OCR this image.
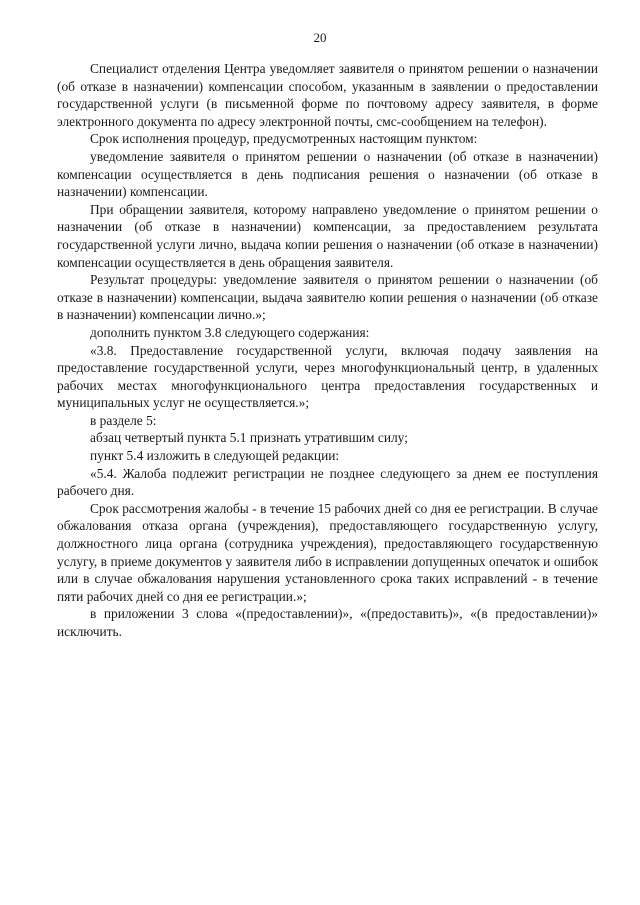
20

Специалист отделения Центра уведомляет заявителя о принятом решении о назначении (об отказе в назначении) компенсации способом, указанным в заявлении о предоставлении государственной услуги (в письменной форме по почтовому адресу заявителя, в форме электронного документа по адресу электронной почты, смс-сообщением на телефон).

Срок исполнения процедур, предусмотренных настоящим пунктом:

уведомление заявителя о принятом решении о назначении (об отказе в назначении) компенсации осуществляется в день подписания решения о назначении (об отказе в назначении) компенсации.

При обращении заявителя, которому направлено уведомление о принятом решении о назначении (об отказе в назначении) компенсации, за предоставлением результата государственной услуги лично, выдача копии решения о назначении (об отказе в назначении) компенсации осуществляется в день обращения заявителя.

Результат процедуры: уведомление заявителя о принятом решении о назначении (об отказе в назначении) компенсации, выдача заявителю копии решения о назначении (об отказе в назначении) компенсации лично.»;

дополнить пунктом 3.8 следующего содержания:

«3.8. Предоставление государственной услуги, включая подачу заявления на предоставление государственной услуги, через многофункциональный центр, в удаленных рабочих местах многофункционального центра предоставления государственных и муниципальных услуг не осуществляется.»;

в разделе 5:

абзац четвертый пункта 5.1 признать утратившим силу;

пункт 5.4 изложить в следующей редакции:

«5.4. Жалоба подлежит регистрации не позднее следующего за днем ее поступления рабочего дня.

Срок рассмотрения жалобы - в течение 15 рабочих дней со дня ее регистрации. В случае обжалования отказа органа (учреждения), предоставляющего государственную услугу, должностного лица органа (сотрудника учреждения), предоставляющего государственную услугу, в приеме документов у заявителя либо в исправлении допущенных опечаток и ошибок или в случае обжалования нарушения установленного срока таких исправлений - в течение пяти рабочих дней со дня ее регистрации.»;

в приложении 3 слова «(предоставлении)», «(предоставить)», «(в предоставлении)» исключить.
